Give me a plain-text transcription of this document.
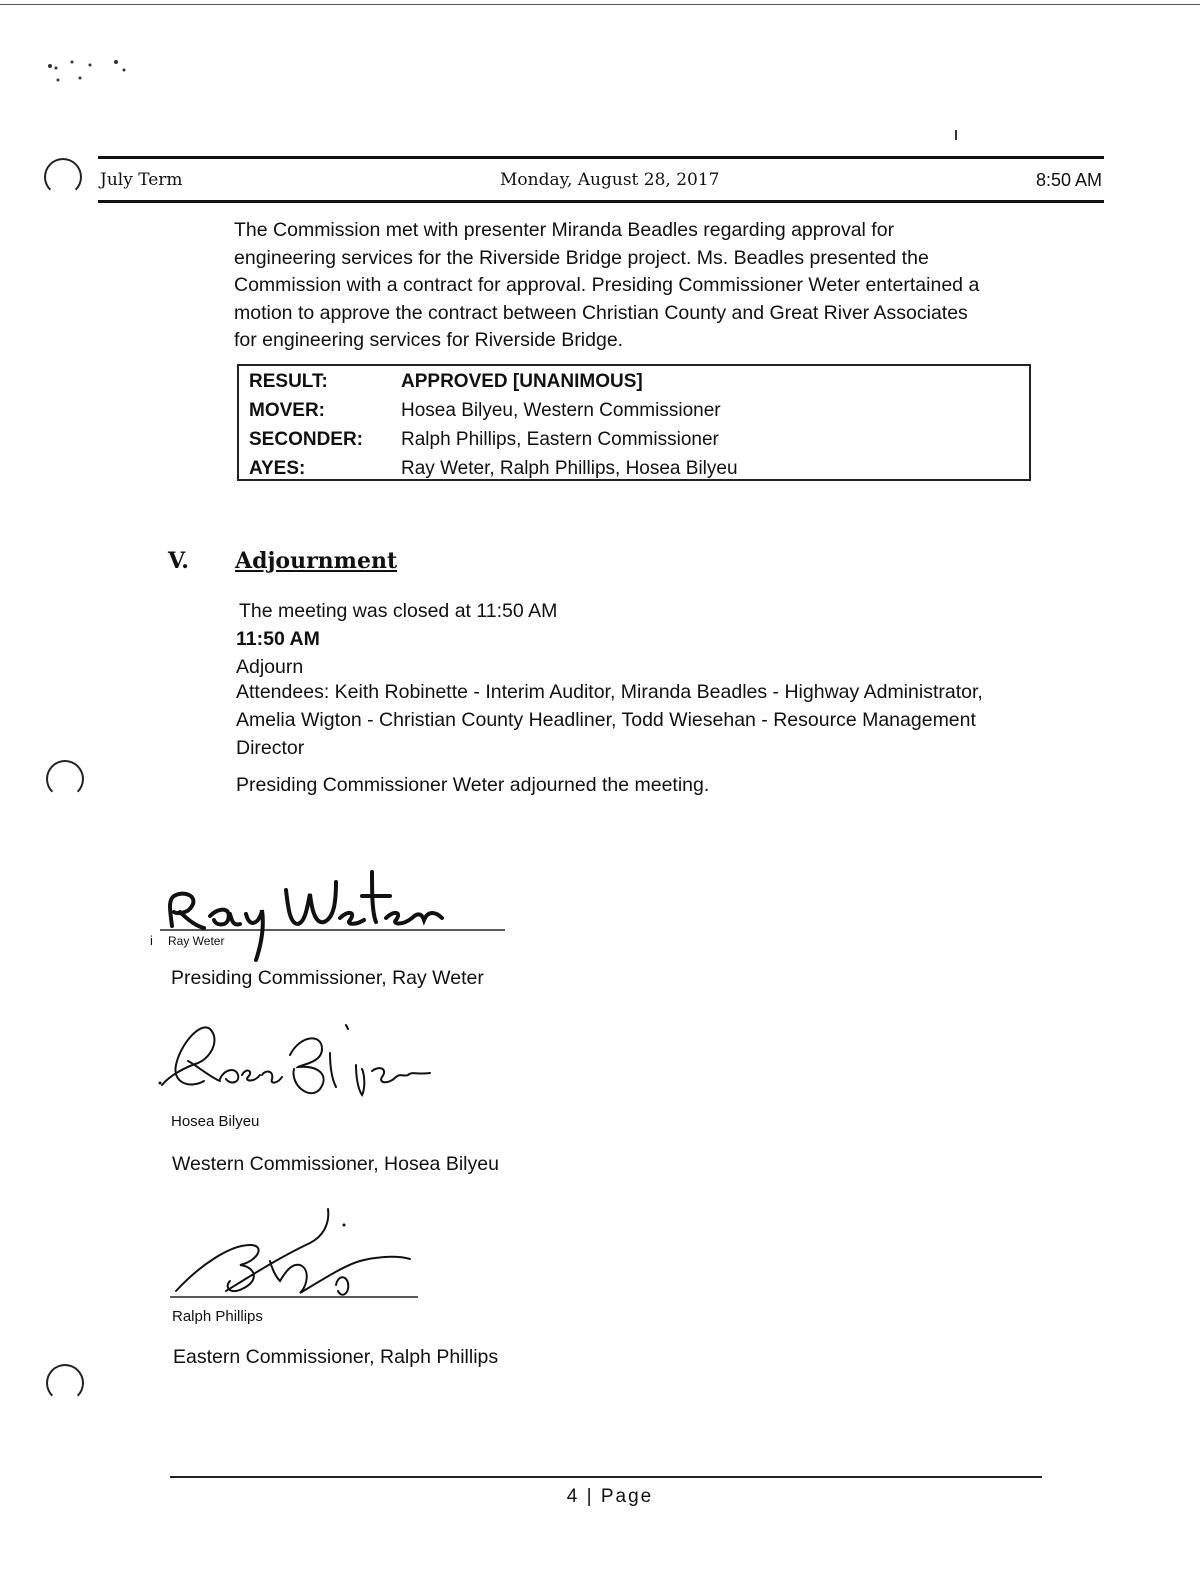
July Term	Monday, August 28, 2017	8:50 AM
The Commission met with presenter Miranda Beadles regarding approval for
engineering services for the Riverside Bridge project. Ms. Beadles presented the
Commission with a contract for approval. Presiding Commissioner Weter entertained a
motion to approve the contract between Christian County and Great River Associates
for engineering services for Riverside Bridge.
RESULT:	APPROVED [UNANIMOUS]
MOVER:	Hosea Bilyeu, Western Commissioner
SECONDER:	Ralph Phillips, Eastern Commissioner
AYES:	Ray Weter, Ralph Phillips, Hosea Bilyeu
V. Adjournment
The meeting was closed at 11:50 AM
11:50 AM
Adjourn
Attendees: Keith Robinette - Interim Auditor, Miranda Beadles - Highway Administrator,
Amelia Wigton - Christian County Headliner, Todd Wiesehan - Resource Management
Director
Presiding Commissioner Weter adjourned the meeting.
i Ray Weter
Presiding Commissioner, Ray Weter
Hosea Bilyeu
Western Commissioner, Hosea Bilyeu
Ralph Phillips
Eastern Commissioner, Ralph Phillips
4 | Page
